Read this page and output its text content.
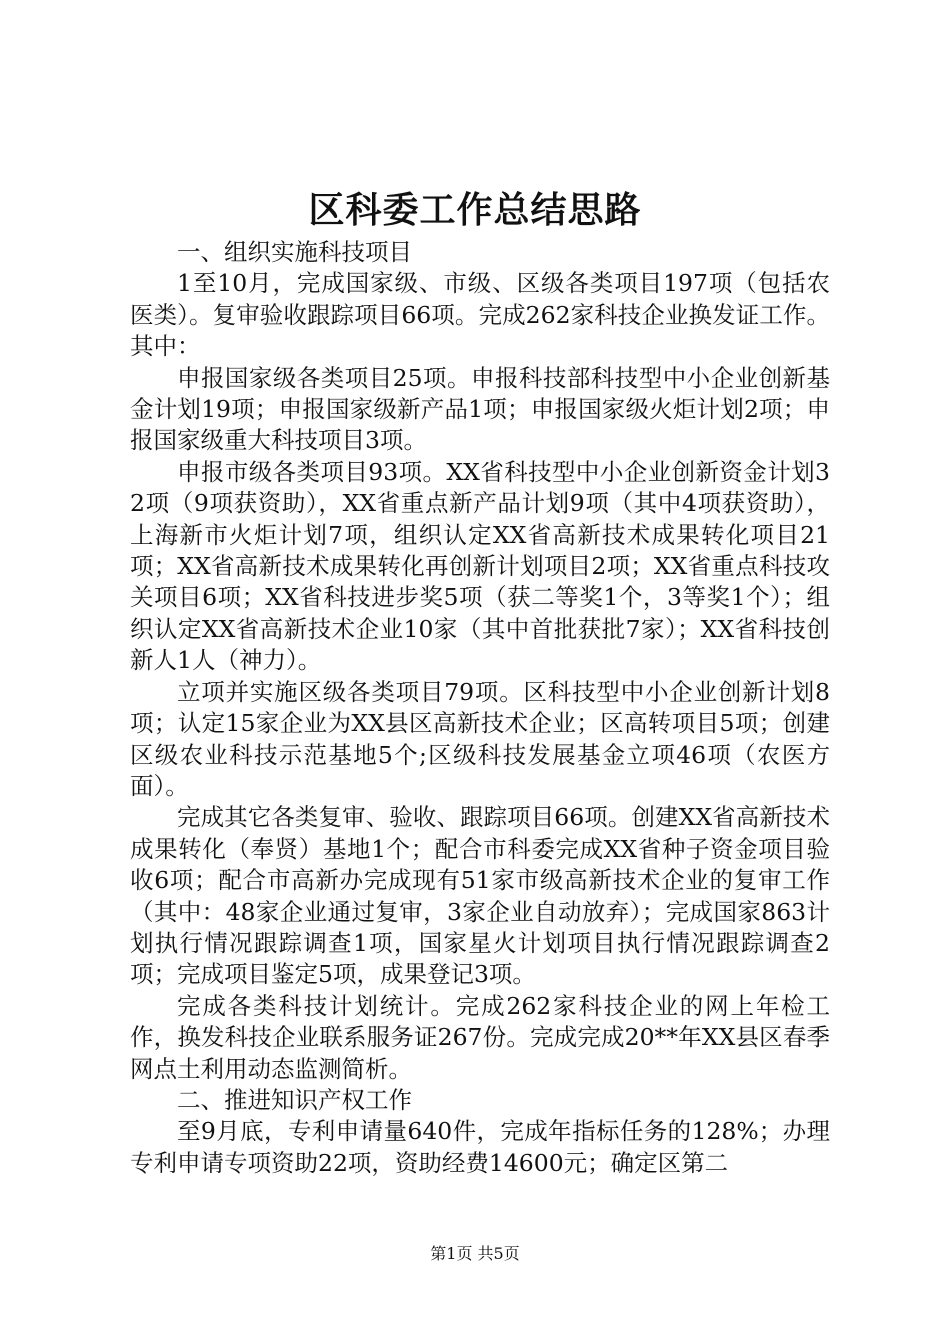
区科委工作总结思路

一、组织实施科技项目

1至10月，完成国家级、市级、区级各类项目197项（包括农医类）。复审验收跟踪项目66项。完成262家科技企业换发证工作。其中：

申报国家级各类项目25项。申报科技部科技型中小企业创新基金计划19项；申报国家级新产品1项；申报国家级火炬计划2项；申报国家级重大科技项目3项。

申报市级各类项目93项。XX省科技型中小企业创新资金计划32项（9项获资助），XX省重点新产品计划9项（其中4项获资助），上海新市火炬计划7项，组织认定XX省高新技术成果转化项目21项；XX省高新技术成果转化再创新计划项目2项；XX省重点科技攻关项目6项；XX省科技进步奖5项（获二等奖1个，3等奖1个）；组织认定XX省高新技术企业10家（其中首批获批7家）；XX省科技创新人1人（神力）。

立项并实施区级各类项目79项。区科技型中小企业创新计划8项；认定15家企业为XX县区高新技术企业；区高转项目5项；创建区级农业科技示范基地5个;区级科技发展基金立项46项（农医方面）。

完成其它各类复审、验收、跟踪项目66项。创建XX省高新技术成果转化（奉贤）基地1个；配合市科委完成XX省种子资金项目验收6项；配合市高新办完成现有51家市级高新技术企业的复审工作（其中：48家企业通过复审，3家企业自动放弃）；完成国家863计划执行情况跟踪调查1项，国家星火计划项目执行情况跟踪调查2项；完成项目鉴定5项，成果登记3项。

完成各类科技计划统计。完成262家科技企业的网上年检工作，换发科技企业联系服务证267份。完成完成20**年XX县区春季网点土利用动态监测简析。

二、推进知识产权工作

至9月底，专利申请量640件，完成年指标任务的128%；办理专利申请专项资助22项，资助经费14600元；确定区第二

第1页 共5页
